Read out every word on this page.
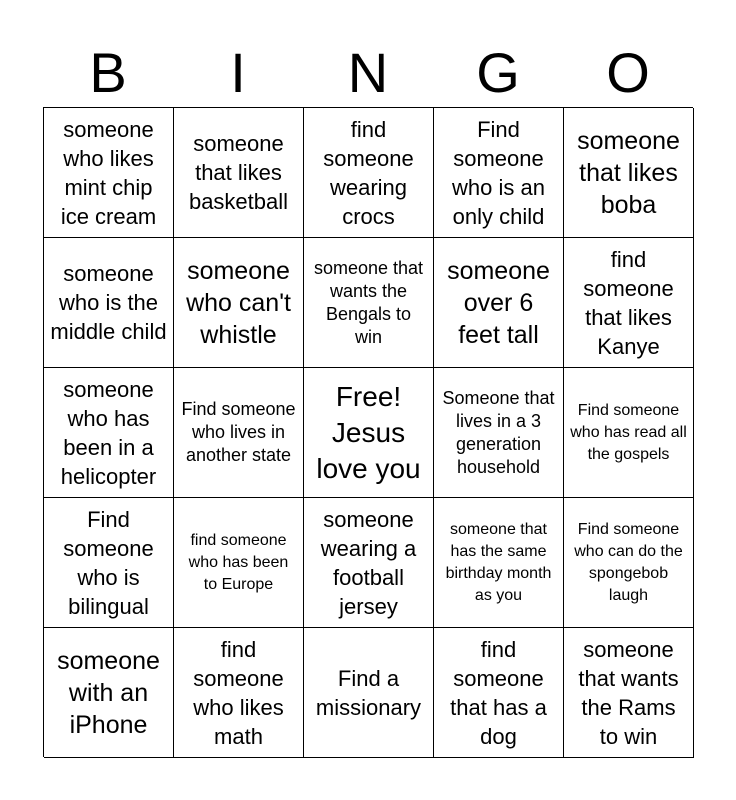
B	I	N	G	O
someone who likes mint chip ice cream
someone that likes basketball
find someone wearing crocs
Find someone who is an only child
someone that likes boba
someone who is the middle child
someone who can't whistle
someone that wants the Bengals to win
someone over 6 feet tall
find someone that likes Kanye
someone who has been in a helicopter
Find someone who lives in another state
Free! Jesus love you
Someone that lives in a 3 generation household
Find someone who has read all the gospels
Find someone who is bilingual
find someone who has been to Europe
someone wearing a football jersey
someone that has the same birthday month as you
Find someone who can do the spongebob laugh
someone with an iPhone
find someone who likes math
Find a missionary
find someone that has a dog
someone that wants the Rams to win
